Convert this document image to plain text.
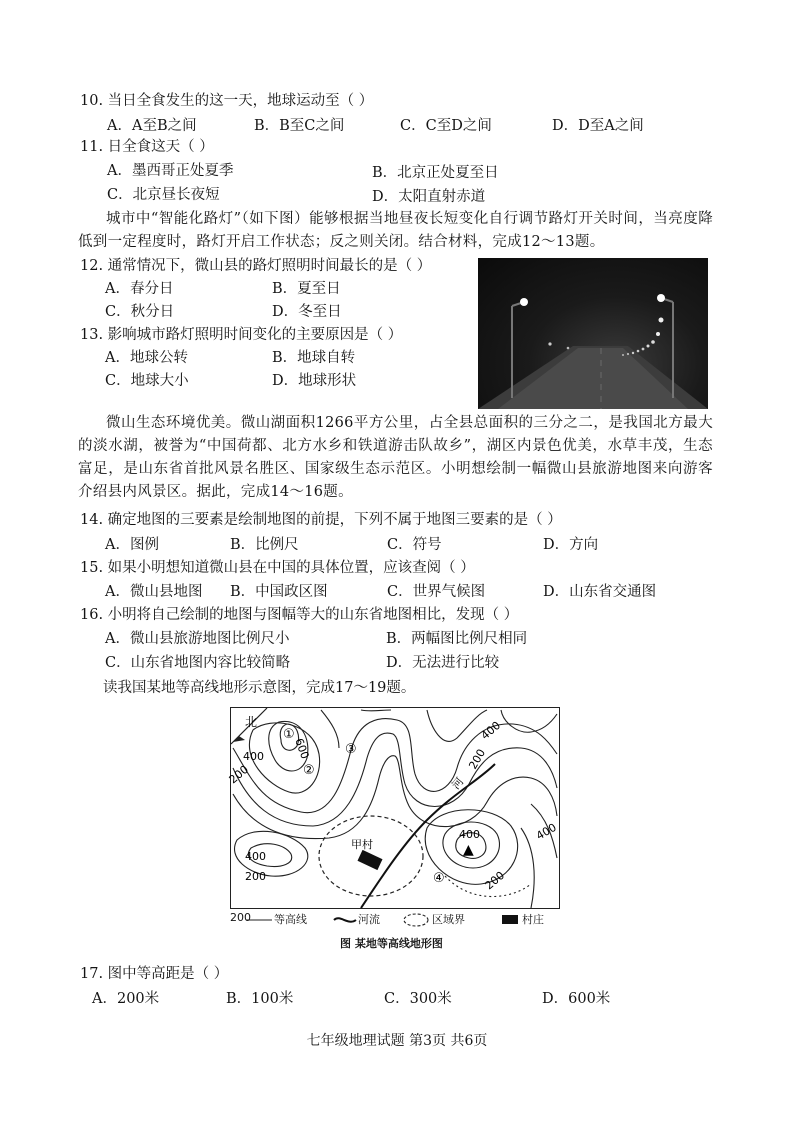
10. 当日全食发生的这一天，地球运动至（ ）
A．A至B之间	B．B至C之间	C．C至D之间	D．D至A之间
11. 日全食这天（ ）
A．墨西哥正处夏季	B．北京正处夏至日
C．北京昼长夜短	D．太阳直射赤道
城市中“智能化路灯”（如下图）能够根据当地昼夜长短变化自行调节路灯开关时间，当亮度降低到一定程度时，路灯开启工作状态；反之则关闭。结合材料，完成12～13题。
12. 通常情况下，微山县的路灯照明时间最长的是（ ）
A．春分日	B．夏至日
C．秋分日	D．冬至日
13. 影响城市路灯照明时间变化的主要原因是（ ）
A．地球公转	B．地球自转
C．地球大小	D．地球形状
微山生态环境优美。微山湖面积1266平方公里，占全县总面积的三分之二，是我国北方最大的淡水湖，被誉为“中国荷都、北方水乡和铁道游击队故乡”，湖区内景色优美，水草丰茂，生态富足，是山东省首批风景名胜区、国家级生态示范区。小明想绘制一幅微山县旅游地图来向游客介绍县内风景区。据此，完成14～16题。
14. 确定地图的三要素是绘制地图的前提，下列不属于地图三要素的是（ ）
A．图例	B．比例尺	C．符号	D．方向
15. 如果小明想知道微山县在中国的具体位置，应该查阅（ ）
A．微山县地图 B．中国政区图	C．世界气候图	D．山东省交通图
16. 小明将自己绘制的地图与图幅等大的山东省地图相比，发现（ ）
A．微山县旅游地图比例尺小	B．两幅图比例尺相同
C．山东省地图内容比较简略	D．无法进行比较
读我国某地等高线地形示意图，完成17～19题。
北
600
400
200
400
200
400
200
400
200
400
①
②
③
④
▲
甲村
河
200 等高线	河流	区域界	村庄
图 某地等高线地形图
17. 图中等高距是（ ）
A．200米	B．100米	C．300米	D．600米
七年级地理试题 第3页 共6页
